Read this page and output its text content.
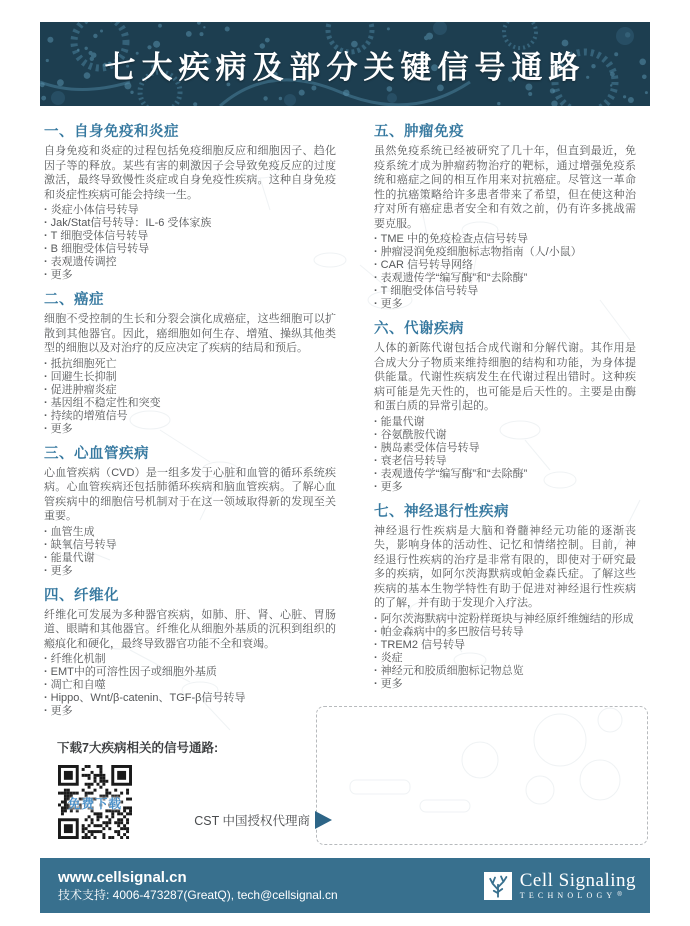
七大疾病及部分关键信号通路
一、自身免疫和炎症

自身免疫和炎症的过程包括免疫细胞反应和细胞因子、趋化因子等的释放。某些有害的刺激因子会导致免疫反应的过度激活，最终导致慢性炎症或自身免疫性疾病。这种自身免疫和炎症性疾病可能会持续一生。

· 炎症小体信号转导
· Jak/Stat信号转导：IL-6 受体家族
· T 细胞受体信号转导
· B 细胞受体信号转导
· 表观遗传调控
· 更多
二、癌症

细胞不受控制的生长和分裂会演化成癌症，这些细胞可以扩散到其他器官。因此，癌细胞如何生存、增殖、操纵其他类型的细胞以及对治疗的反应决定了疾病的结局和预后。

· 抵抗细胞死亡
· 回避生长抑制
· 促进肿瘤炎症
· 基因组不稳定性和突变
· 持续的增殖信号
· 更多
三、心血管疾病

心血管疾病（CVD）是一组多发于心脏和血管的循环系统疾病。心血管疾病还包括肺循环疾病和脑血管疾病。了解心血管疾病中的细胞信号机制对于在这一领域取得新的发现至关重要。

· 血管生成
· 缺氧信号转导
· 能量代谢
· 更多
四、纤维化

纤维化可发展为多种器官疾病，如肺、肝、肾、心脏、胃肠道、眼睛和其他器官。纤维化从细胞外基质的沉积到组织的瘢痕化和硬化，最终导致器官功能不全和衰竭。

· 纤维化机制
· EMT中的可溶性因子或细胞外基质
· 凋亡和自噬
· Hippo、Wnt/β-catenin、TGF-β信号转导
· 更多
五、肿瘤免疫

虽然免疫系统已经被研究了几十年，但直到最近，免疫系统才成为肿瘤药物治疗的靶标，通过增强免疫系统和癌症之间的相互作用来对抗癌症。尽管这一革命性的抗癌策略给许多患者带来了希望，但在使这种治疗对所有癌症患者安全和有效之前，仍有许多挑战需要克服。

· TME 中的免疫检查点信号转导
· 肿瘤浸润免疫细胞标志物指南（人/小鼠）
· CAR 信号转导网络
· 表观遗传学“编写酶”和“去除酶”
· T 细胞受体信号转导
· 更多
六、代谢疾病

人体的新陈代谢包括合成代谢和分解代谢。其作用是合成大分子物质来维持细胞的结构和功能，为身体提供能量。代谢性疾病发生在代谢过程出错时。这种疾病可能是先天性的，也可能是后天性的。主要是由酶和蛋白质的异常引起的。

· 能量代谢
· 谷氨酰胺代谢
· 胰岛素受体信号转导
· 衰老信号转导
· 表观遗传学“编写酶”和“去除酶”
· 更多
七、神经退行性疾病

神经退行性疾病是大脑和脊髓神经元功能的逐渐丧失，影响身体的活动性、记忆和情绪控制。目前，神经退行性疾病的治疗是非常有限的，即使对于研究最多的疾病，如阿尔茨海默病或帕金森氏症。了解这些疾病的基本生物学特性有助于促进对神经退行性疾病的了解，并有助于发现介入疗法。

· 阿尔茨海默病中淀粉样斑块与神经原纤维缠结的形成
· 帕金森病中的多巴胺信号转导
· TREM2 信号转导
· 炎症
· 神经元和胶质细胞标记物总览
· 更多
下载7大疾病相关的信号通路:
免费下载
CST 中国授权代理商
www.cellsignal.cn
技术支持: 4006-473287(GreatQ), tech@cellsignal.cn
Cell Signaling
TECHNOLOGY ®
